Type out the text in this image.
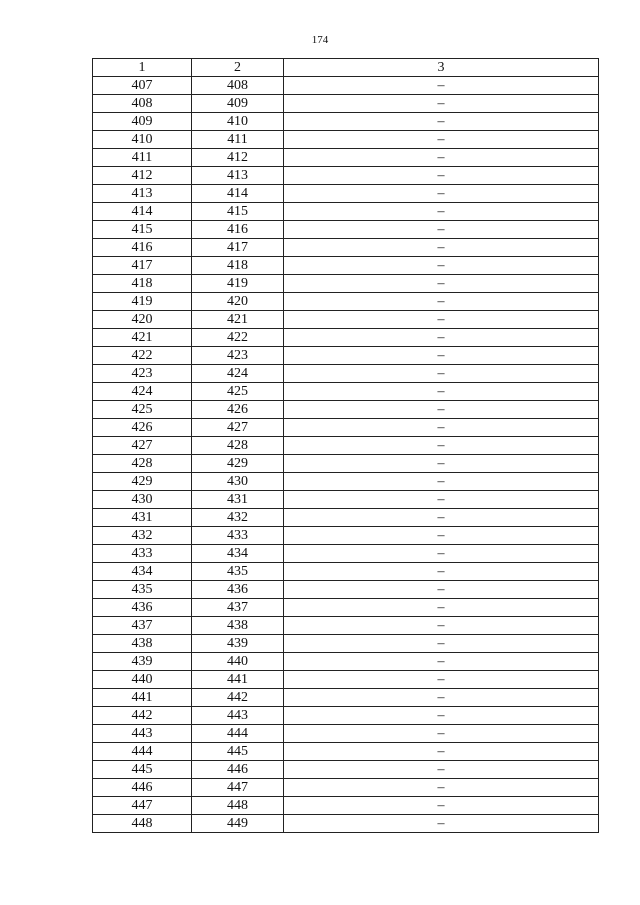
174
1	2	3
407	408	–
408	409	–
409	410	–
410	411	–
411	412	–
412	413	–
413	414	–
414	415	–
415	416	–
416	417	–
417	418	–
418	419	–
419	420	–
420	421	–
421	422	–
422	423	–
423	424	–
424	425	–
425	426	–
426	427	–
427	428	–
428	429	–
429	430	–
430	431	–
431	432	–
432	433	–
433	434	–
434	435	–
435	436	–
436	437	–
437	438	–
438	439	–
439	440	–
440	441	–
441	442	–
442	443	–
443	444	–
444	445	–
445	446	–
446	447	–
447	448	–
448	449	–
